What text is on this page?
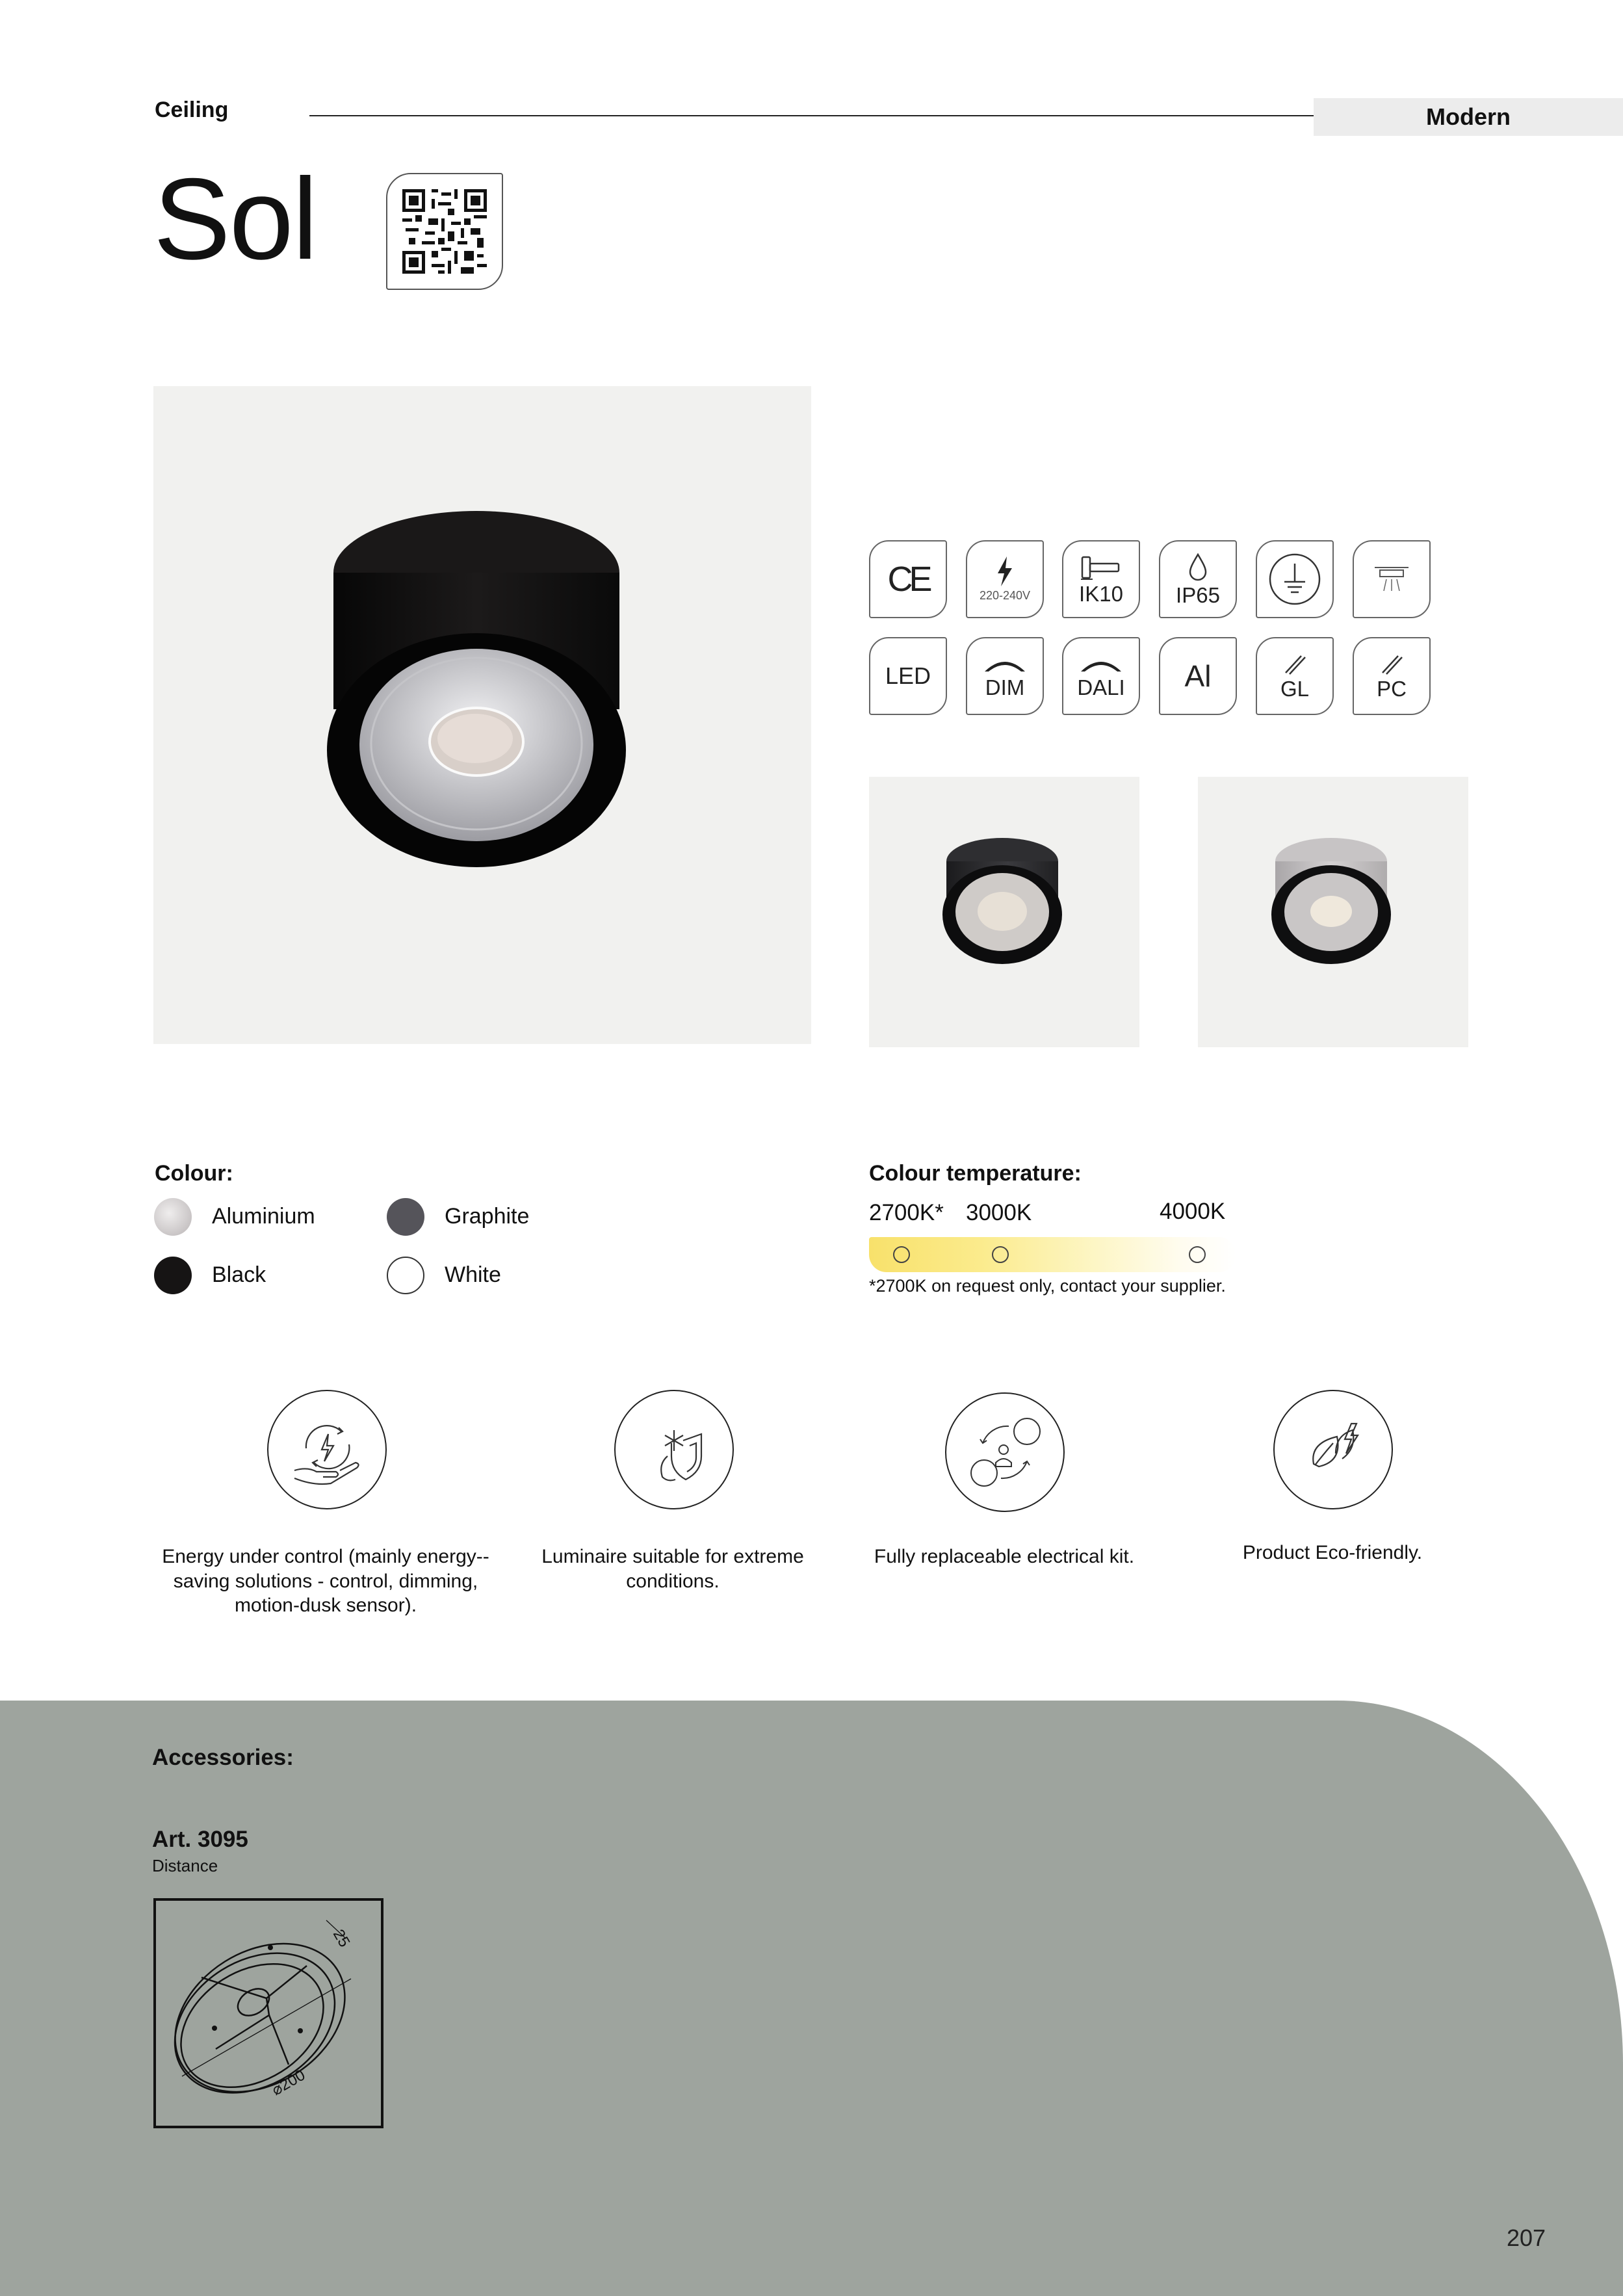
Ceiling	Modern
Sol
CE	220-240V IK10 IP65
LED	DIM DALI Al	GL	PC
Colour:
Aluminium	Graphite
Black	White
Colour temperature:
2700K* 3000K	4000K
*2700K on request only, contact your supplier.
Energy under control (mainly energy--saving solutions - control, dimming, motion-dusk sensor).
Luminaire suitable for extreme conditions.
Fully replaceable electrical kit.	Product Eco-friendly.
Accessories:
Art. 3095
Distance
25
⌀200
207
